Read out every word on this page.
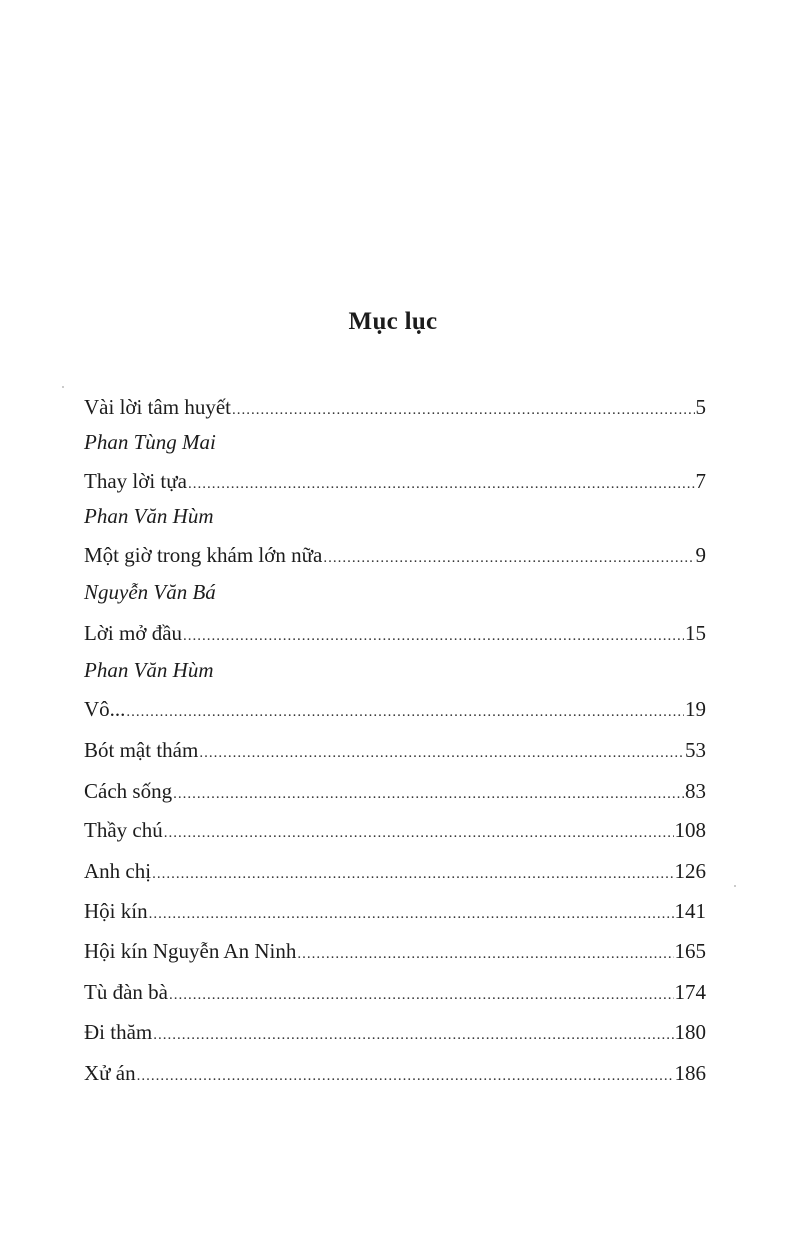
Mục lục
Vài lời tâm huyết .....	5
Phan Tùng Mai
Thay lời tựa .....	7
Phan Văn Hùm
Một giờ trong khám lớn nữa .....	9
Nguyễn Văn Bá
Lời mở đầu .....	15
Phan Văn Hùm
Vô... .....	19
Bót mật thám .....	53
Cách sống .....	83
Thầy chú .....	108
Anh chị .....	126
Hội kín .....	141
Hội kín Nguyễn An Ninh .....	165
Tù đàn bà .....	174
Đi thăm .....	180
Xử án .....	186
